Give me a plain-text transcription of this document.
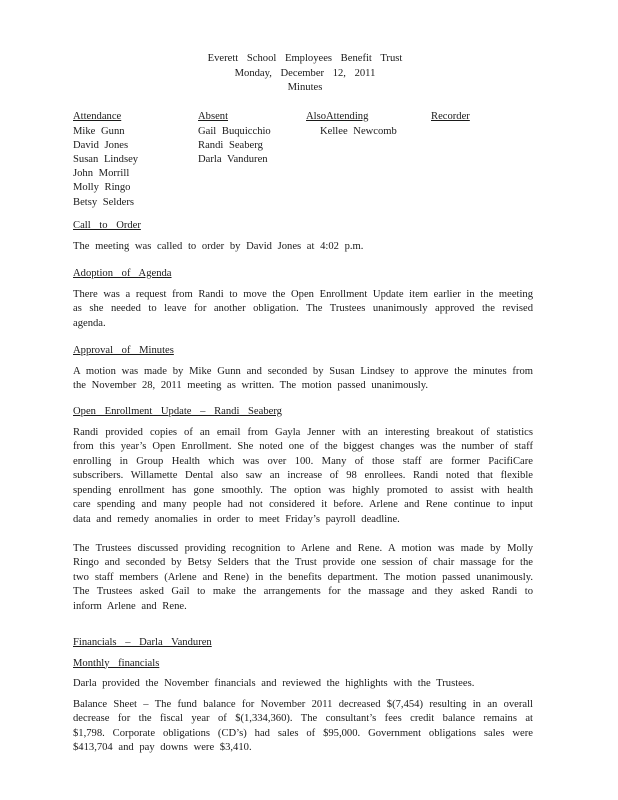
Everett School Employees Benefit Trust
Monday, December 12, 2011
Minutes
Attendance
Mike Gunn
David Jones
Susan Lindsey
John Morrill
Molly Ringo
Betsy Selders
Absent
Gail Buquicchio
Randi Seaberg
Darla Vanduren
AlsoAttending
Kellee Newcomb
Recorder

Call to Order

The meeting was called to order by David Jones at 4:02 p.m.

Adoption of Agenda

There was a request from Randi to move the Open Enrollment Update item earlier in the meeting as she needed to leave for another obligation. The Trustees unanimously approved the revised agenda.

Approval of Minutes

A motion was made by Mike Gunn and seconded by Susan Lindsey to approve the minutes from the November 28, 2011 meeting as written. The motion passed unanimously.

Open Enrollment Update – Randi Seaberg

Randi provided copies of an email from Gayla Jenner with an interesting breakout of statistics from this year’s Open Enrollment. She noted one of the biggest changes was the number of staff enrolling in Group Health which was over 100. Many of those staff are former PacifiCare subscribers. Willamette Dental also saw an increase of 98 enrollees. Randi noted that flexible spending enrollment has gone smoothly. The option was highly promoted to assist with health care spending and many people had not considered it before. Arlene and Rene continue to input data and remedy anomalies in order to meet Friday’s payroll deadline.

The Trustees discussed providing recognition to Arlene and Rene. A motion was made by Molly Ringo and seconded by Betsy Selders that the Trust provide one session of chair massage for the two staff members (Arlene and Rene) in the benefits department. The motion passed unanimously. The Trustees asked Gail to make the arrangements for the massage and they asked Randi to inform Arlene and Rene.

Financials – Darla Vanduren

Monthly financials

Darla provided the November financials and reviewed the highlights with the Trustees.

Balance Sheet – The fund balance for November 2011 decreased $(7,454) resulting in an overall decrease for the fiscal year of $(1,334,360). The consultant’s fees credit balance remains at $1,798. Corporate obligations (CD’s) had sales of $95,000. Government obligations sales were $413,704 and pay downs were $3,410.
